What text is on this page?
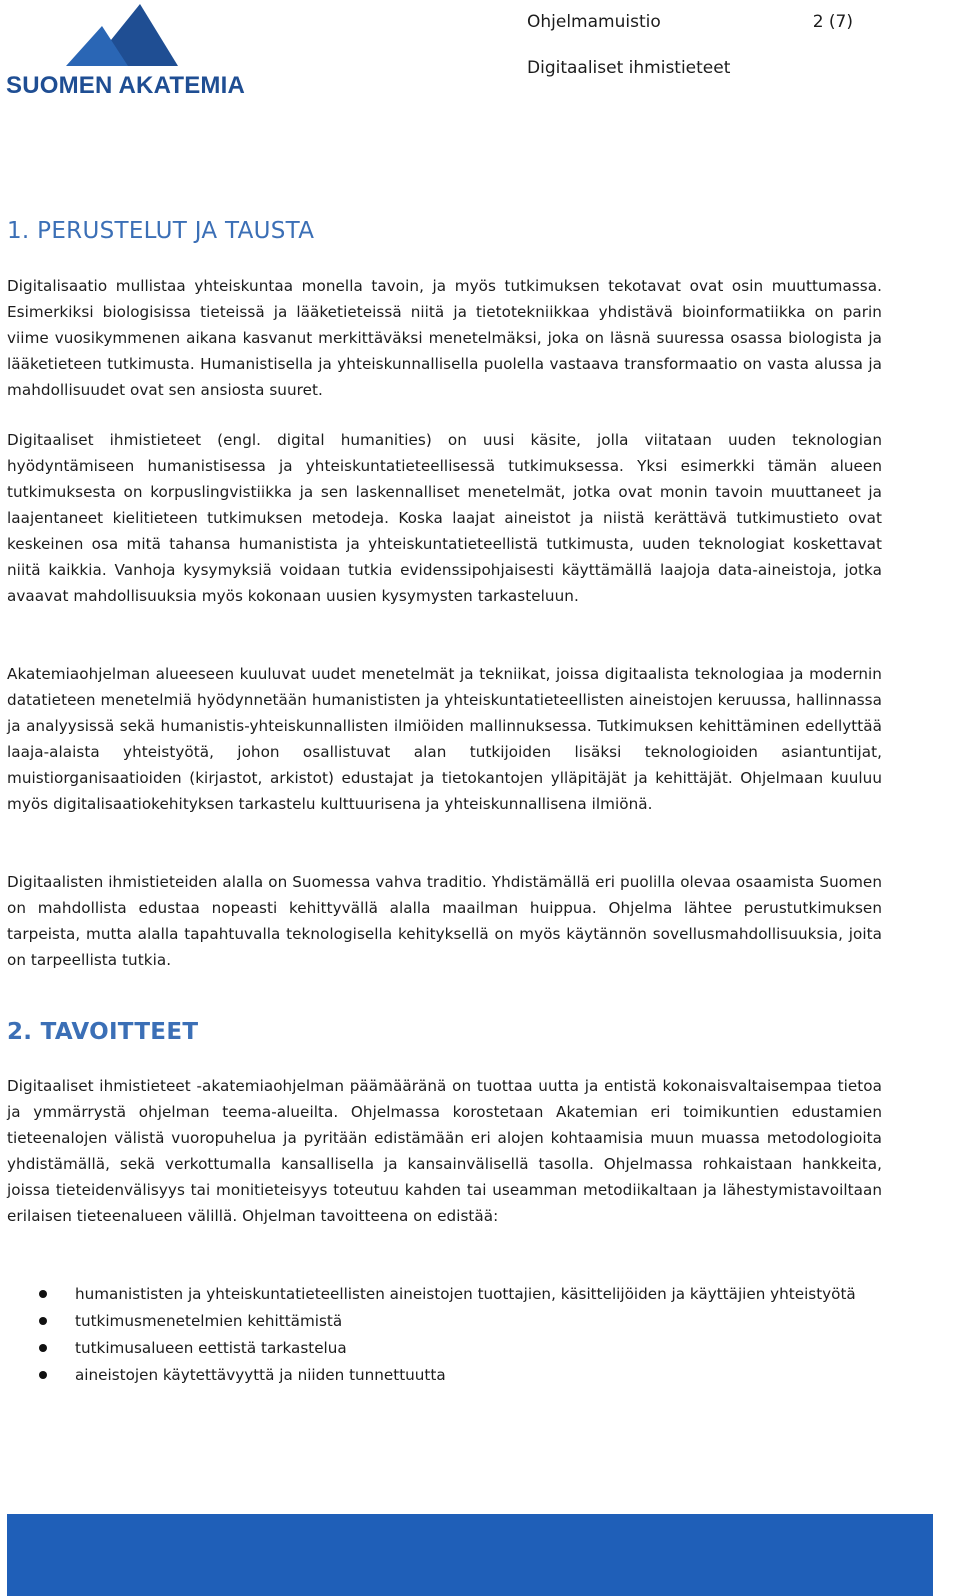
SUOMEN AKATEMIA
Ohjelmamuistio	2 (7)
Digitaaliset ihmistieteet
1. PERUSTELUT JA TAUSTA

Digitalisaatio mullistaa yhteiskuntaa monella tavoin, ja myös tutkimuksen tekotavat ovat osin muuttumassa. Esimerkiksi biologisissa tieteissä ja lääketieteissä niitä ja tietotekniikkaa yhdistävä bioinformatiikka on parin viime vuosikymmenen aikana kasvanut merkittäväksi menetelmäksi, joka on läsnä suuressa osassa biologista ja lääketieteen tutkimusta. Humanistisella ja yhteiskunnallisella puolella vastaava transformaatio on vasta alussa ja mahdollisuudet ovat sen ansiosta suuret.

Digitaaliset ihmistieteet (engl. digital humanities) on uusi käsite, jolla viitataan uuden teknologian hyödyntämiseen humanistisessa ja yhteiskuntatieteellisessä tutkimuksessa. Yksi esimerkki tämän alueen tutkimuksesta on korpuslingvistiikka ja sen laskennalliset menetelmät, jotka ovat monin tavoin muuttaneet ja laajentaneet kielitieteen tutkimuksen metodeja. Koska laajat aineistot ja niistä kerättävä tutkimustieto ovat keskeinen osa mitä tahansa humanistista ja yhteiskuntatieteellistä tutkimusta, uuden teknologiat koskettavat niitä kaikkia. Vanhoja kysymyksiä voidaan tutkia evidenssipohjaisesti käyttämällä laajoja data-aineistoja, jotka avaavat mahdollisuuksia myös kokonaan uusien kysymysten tarkasteluun.

Akatemiaohjelman alueeseen kuuluvat uudet menetelmät ja tekniikat, joissa digitaalista teknologiaa ja modernin datatieteen menetelmiä hyödynnetään humanististen ja yhteiskuntatieteellisten aineistojen keruussa, hallinnassa ja analyysissä sekä humanistis-yhteiskunnallisten ilmiöiden mallinnuksessa. Tutkimuksen kehittäminen edellyttää laaja-alaista yhteistyötä, johon osallistuvat alan tutkijoiden lisäksi teknologioiden asiantuntijat, muistiorganisaatioiden (kirjastot, arkistot) edustajat ja tietokantojen ylläpitäjät ja kehittäjät. Ohjelmaan kuuluu myös digitalisaatiokehityksen tarkastelu kulttuurisena ja yhteiskunnallisena ilmiönä.

Digitaalisten ihmistieteiden alalla on Suomessa vahva traditio. Yhdistämällä eri puolilla olevaa osaamista Suomen on mahdollista edustaa nopeasti kehittyvällä alalla maailman huippua. Ohjelma lähtee perustutkimuksen tarpeista, mutta alalla tapahtuvalla teknologisella kehityksellä on myös käytännön sovellusmahdollisuuksia, joita on tarpeellista tutkia.

2. TAVOITTEET

Digitaaliset ihmistieteet -akatemiaohjelman päämääränä on tuottaa uutta ja entistä kokonaisvaltaisempaa tietoa ja ymmärrystä ohjelman teema-alueilta. Ohjelmassa korostetaan Akatemian eri toimikuntien edustamien tieteenalojen välistä vuoropuhelua ja pyritään edistämään eri alojen kohtaamisia muun muassa metodologioita yhdistämällä, sekä verkottumalla kansallisella ja kansainvälisellä tasolla. Ohjelmassa rohkaistaan hankkeita, joissa tieteidenvälisyys tai monitieteisyys toteutuu kahden tai useamman metodiikaltaan ja lähestymistavoiltaan erilaisen tieteenalueen välillä. Ohjelman tavoitteena on edistää:

humanististen ja yhteiskuntatieteellisten aineistojen tuottajien, käsittelijöiden ja käyttäjien yhteistyötä
tutkimusmenetelmien kehittämistä
tutkimusalueen eettistä tarkastelua
aineistojen käytettävyyttä ja niiden tunnettuutta
